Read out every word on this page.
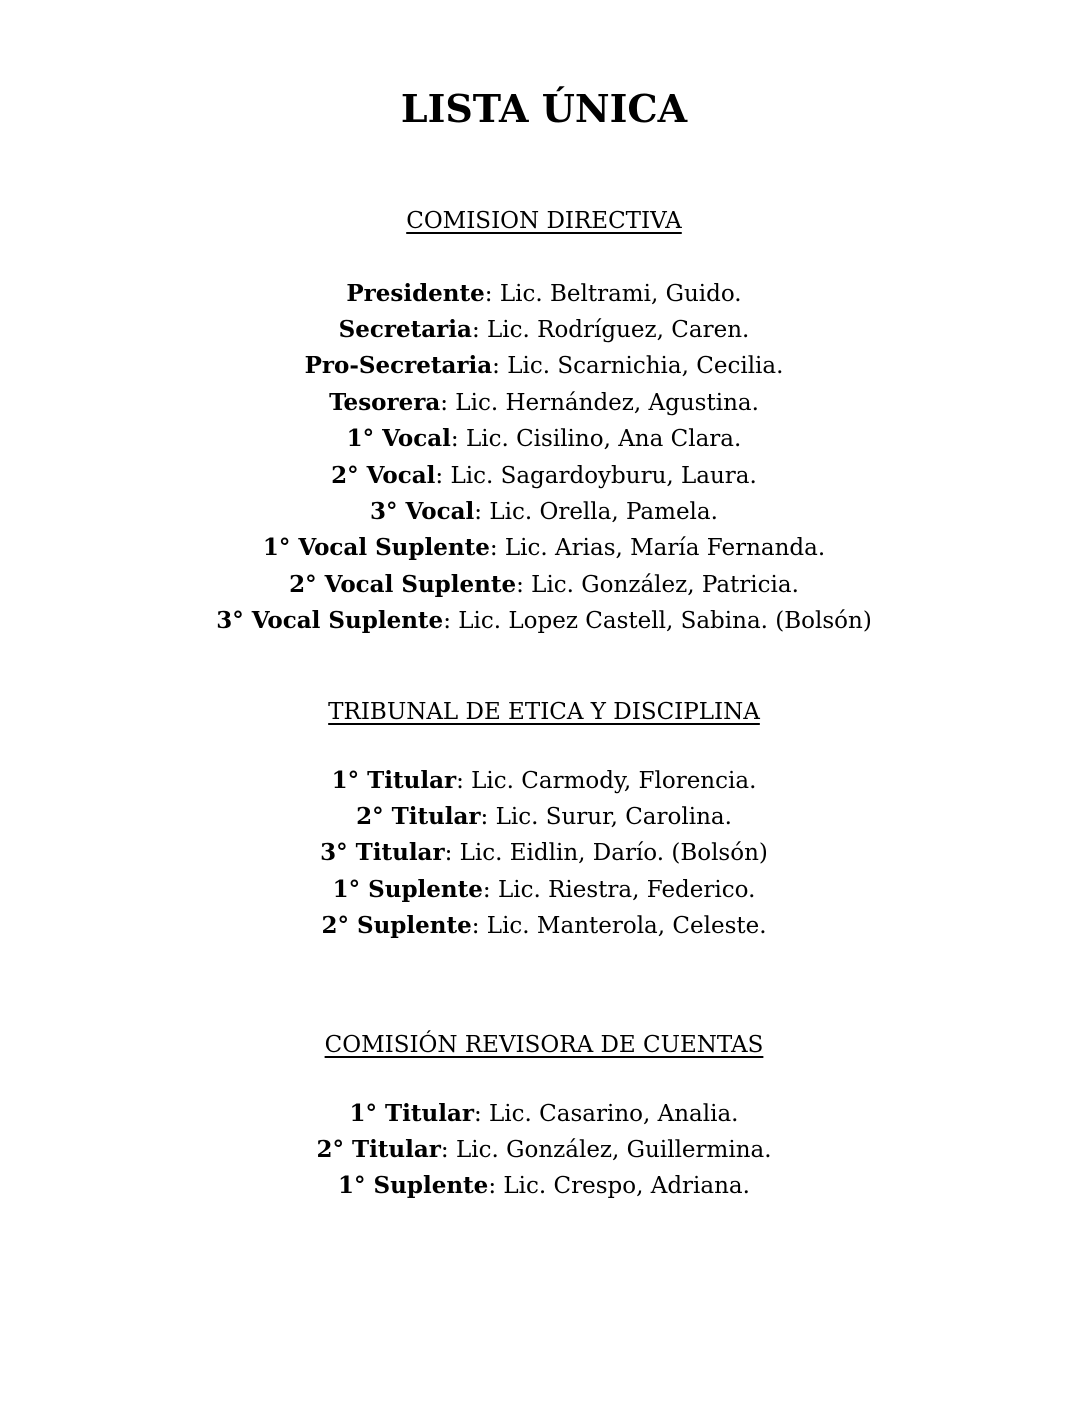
LISTA ÚNICA
COMISION DIRECTIVA
Presidente: Lic. Beltrami, Guido.
Secretaria: Lic. Rodríguez, Caren.
Pro-Secretaria: Lic. Scarnichia, Cecilia.
Tesorera: Lic. Hernández, Agustina.
1° Vocal: Lic. Cisilino, Ana Clara.
2° Vocal: Lic. Sagardoyburu, Laura.
3° Vocal: Lic. Orella, Pamela.
1° Vocal Suplente: Lic. Arias, María Fernanda.
2° Vocal Suplente: Lic. González, Patricia.
3° Vocal Suplente: Lic. Lopez Castell, Sabina. (Bolsón)
TRIBUNAL DE ETICA Y DISCIPLINA
1° Titular: Lic. Carmody, Florencia.
2° Titular: Lic. Surur, Carolina.
3° Titular: Lic. Eidlin, Darío. (Bolsón)
1° Suplente: Lic. Riestra, Federico.
2° Suplente: Lic. Manterola, Celeste.
COMISIÓN REVISORA DE CUENTAS
1° Titular: Lic. Casarino, Analia.
2° Titular: Lic. González, Guillermina.
1° Suplente: Lic. Crespo, Adriana.
